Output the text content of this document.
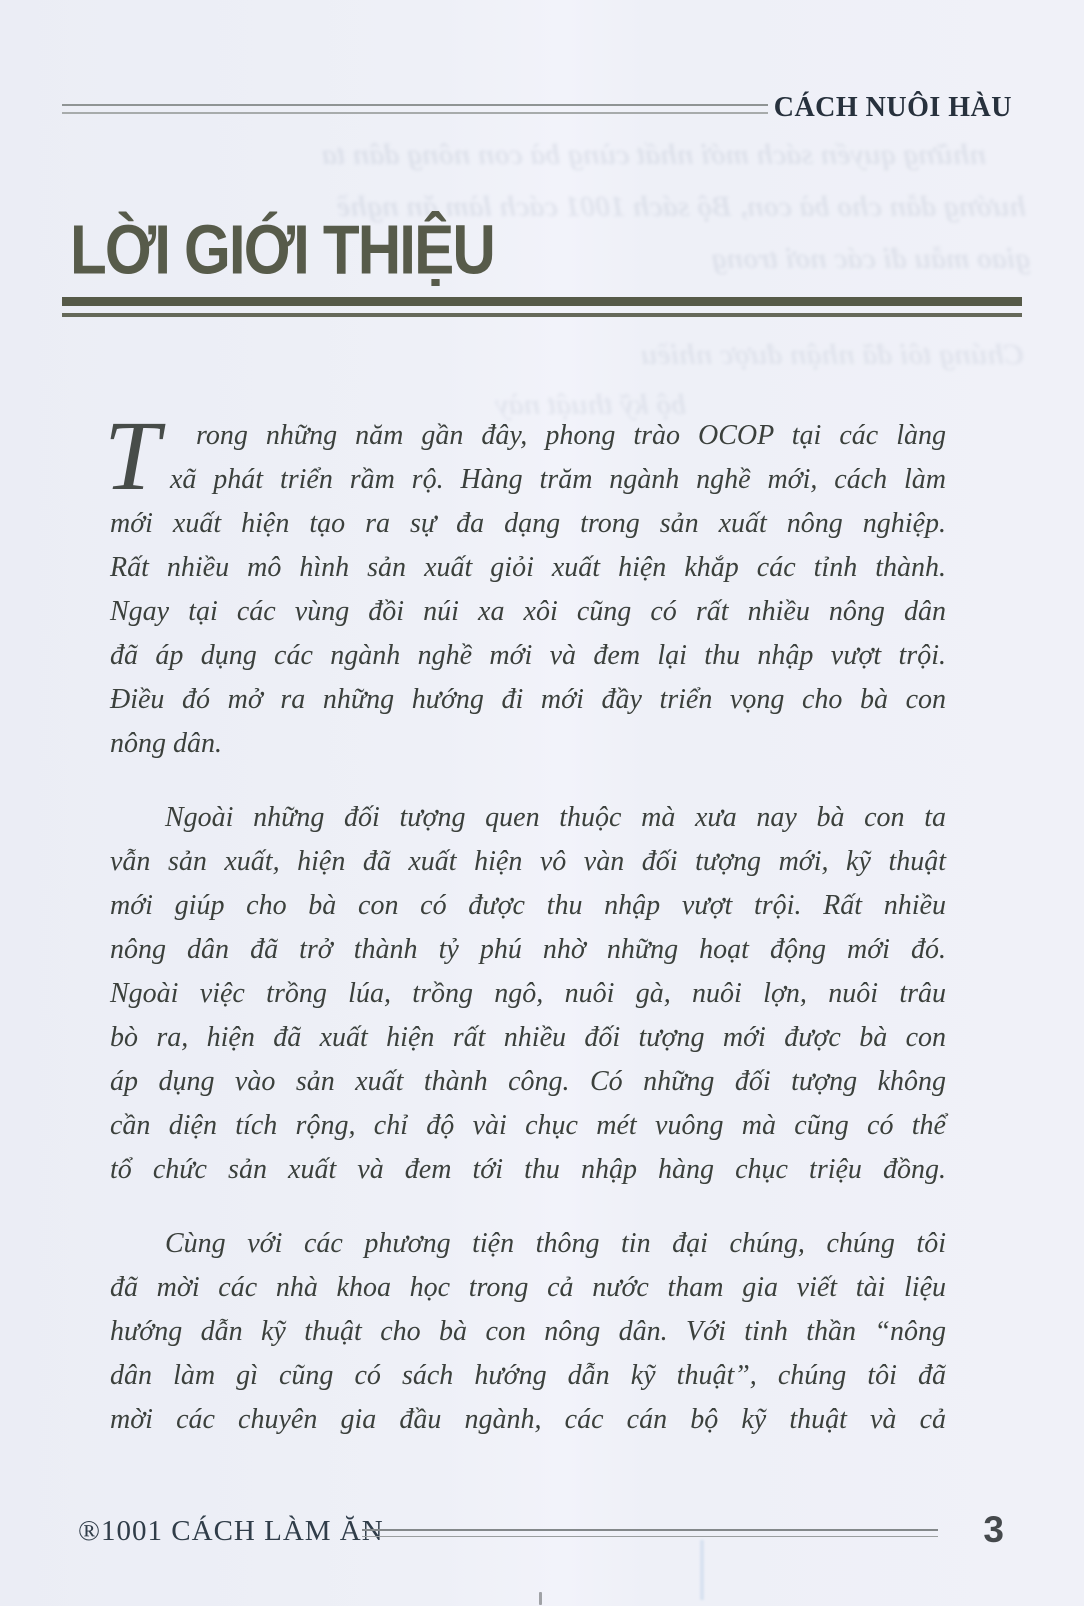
những quyển sách mới nhất cùng bà con nông dân ta
hướng dẫn cho bà con, Bộ sách 1001 cách làm ăn nghề
giao mẫu đi các nơi trong
Chúng tôi đã nhận được nhiều
bộ kỹ thuật này
CÁCH NUÔI HÀU
LỜI GIỚI THIỆU
T rong những năm gần đây, phong trào OCOP tại các làng
xã phát triển rầm rộ. Hàng trăm ngành nghề mới, cách làm
mới xuất hiện tạo ra sự đa dạng trong sản xuất nông nghiệp.
Rất nhiều mô hình sản xuất giỏi xuất hiện khắp các tỉnh thành.
Ngay tại các vùng đồi núi xa xôi cũng có rất nhiều nông dân
đã áp dụng các ngành nghề mới và đem lại thu nhập vượt trội.
Điều đó mở ra những hướng đi mới đầy triển vọng cho bà con
nông dân.
Ngoài những đối tượng quen thuộc mà xưa nay bà con ta
vẫn sản xuất, hiện đã xuất hiện vô vàn đối tượng mới, kỹ thuật
mới giúp cho bà con có được thu nhập vượt trội. Rất nhiều
nông dân đã trở thành tỷ phú nhờ những hoạt động mới đó.
Ngoài việc trồng lúa, trồng ngô, nuôi gà, nuôi lợn, nuôi trâu
bò ra, hiện đã xuất hiện rất nhiều đối tượng mới được bà con
áp dụng vào sản xuất thành công. Có những đối tượng không
cần diện tích rộng, chỉ độ vài chục mét vuông mà cũng có thể
tổ chức sản xuất và đem tới thu nhập hàng chục triệu đồng.
Cùng với các phương tiện thông tin đại chúng, chúng tôi
đã mời các nhà khoa học trong cả nước tham gia viết tài liệu
hướng dẫn kỹ thuật cho bà con nông dân. Với tinh thần “nông
dân làm gì cũng có sách hướng dẫn kỹ thuật”, chúng tôi đã
mời các chuyên gia đầu ngành, các cán bộ kỹ thuật và cả
®1001 CÁCH LÀM ĂN	3
